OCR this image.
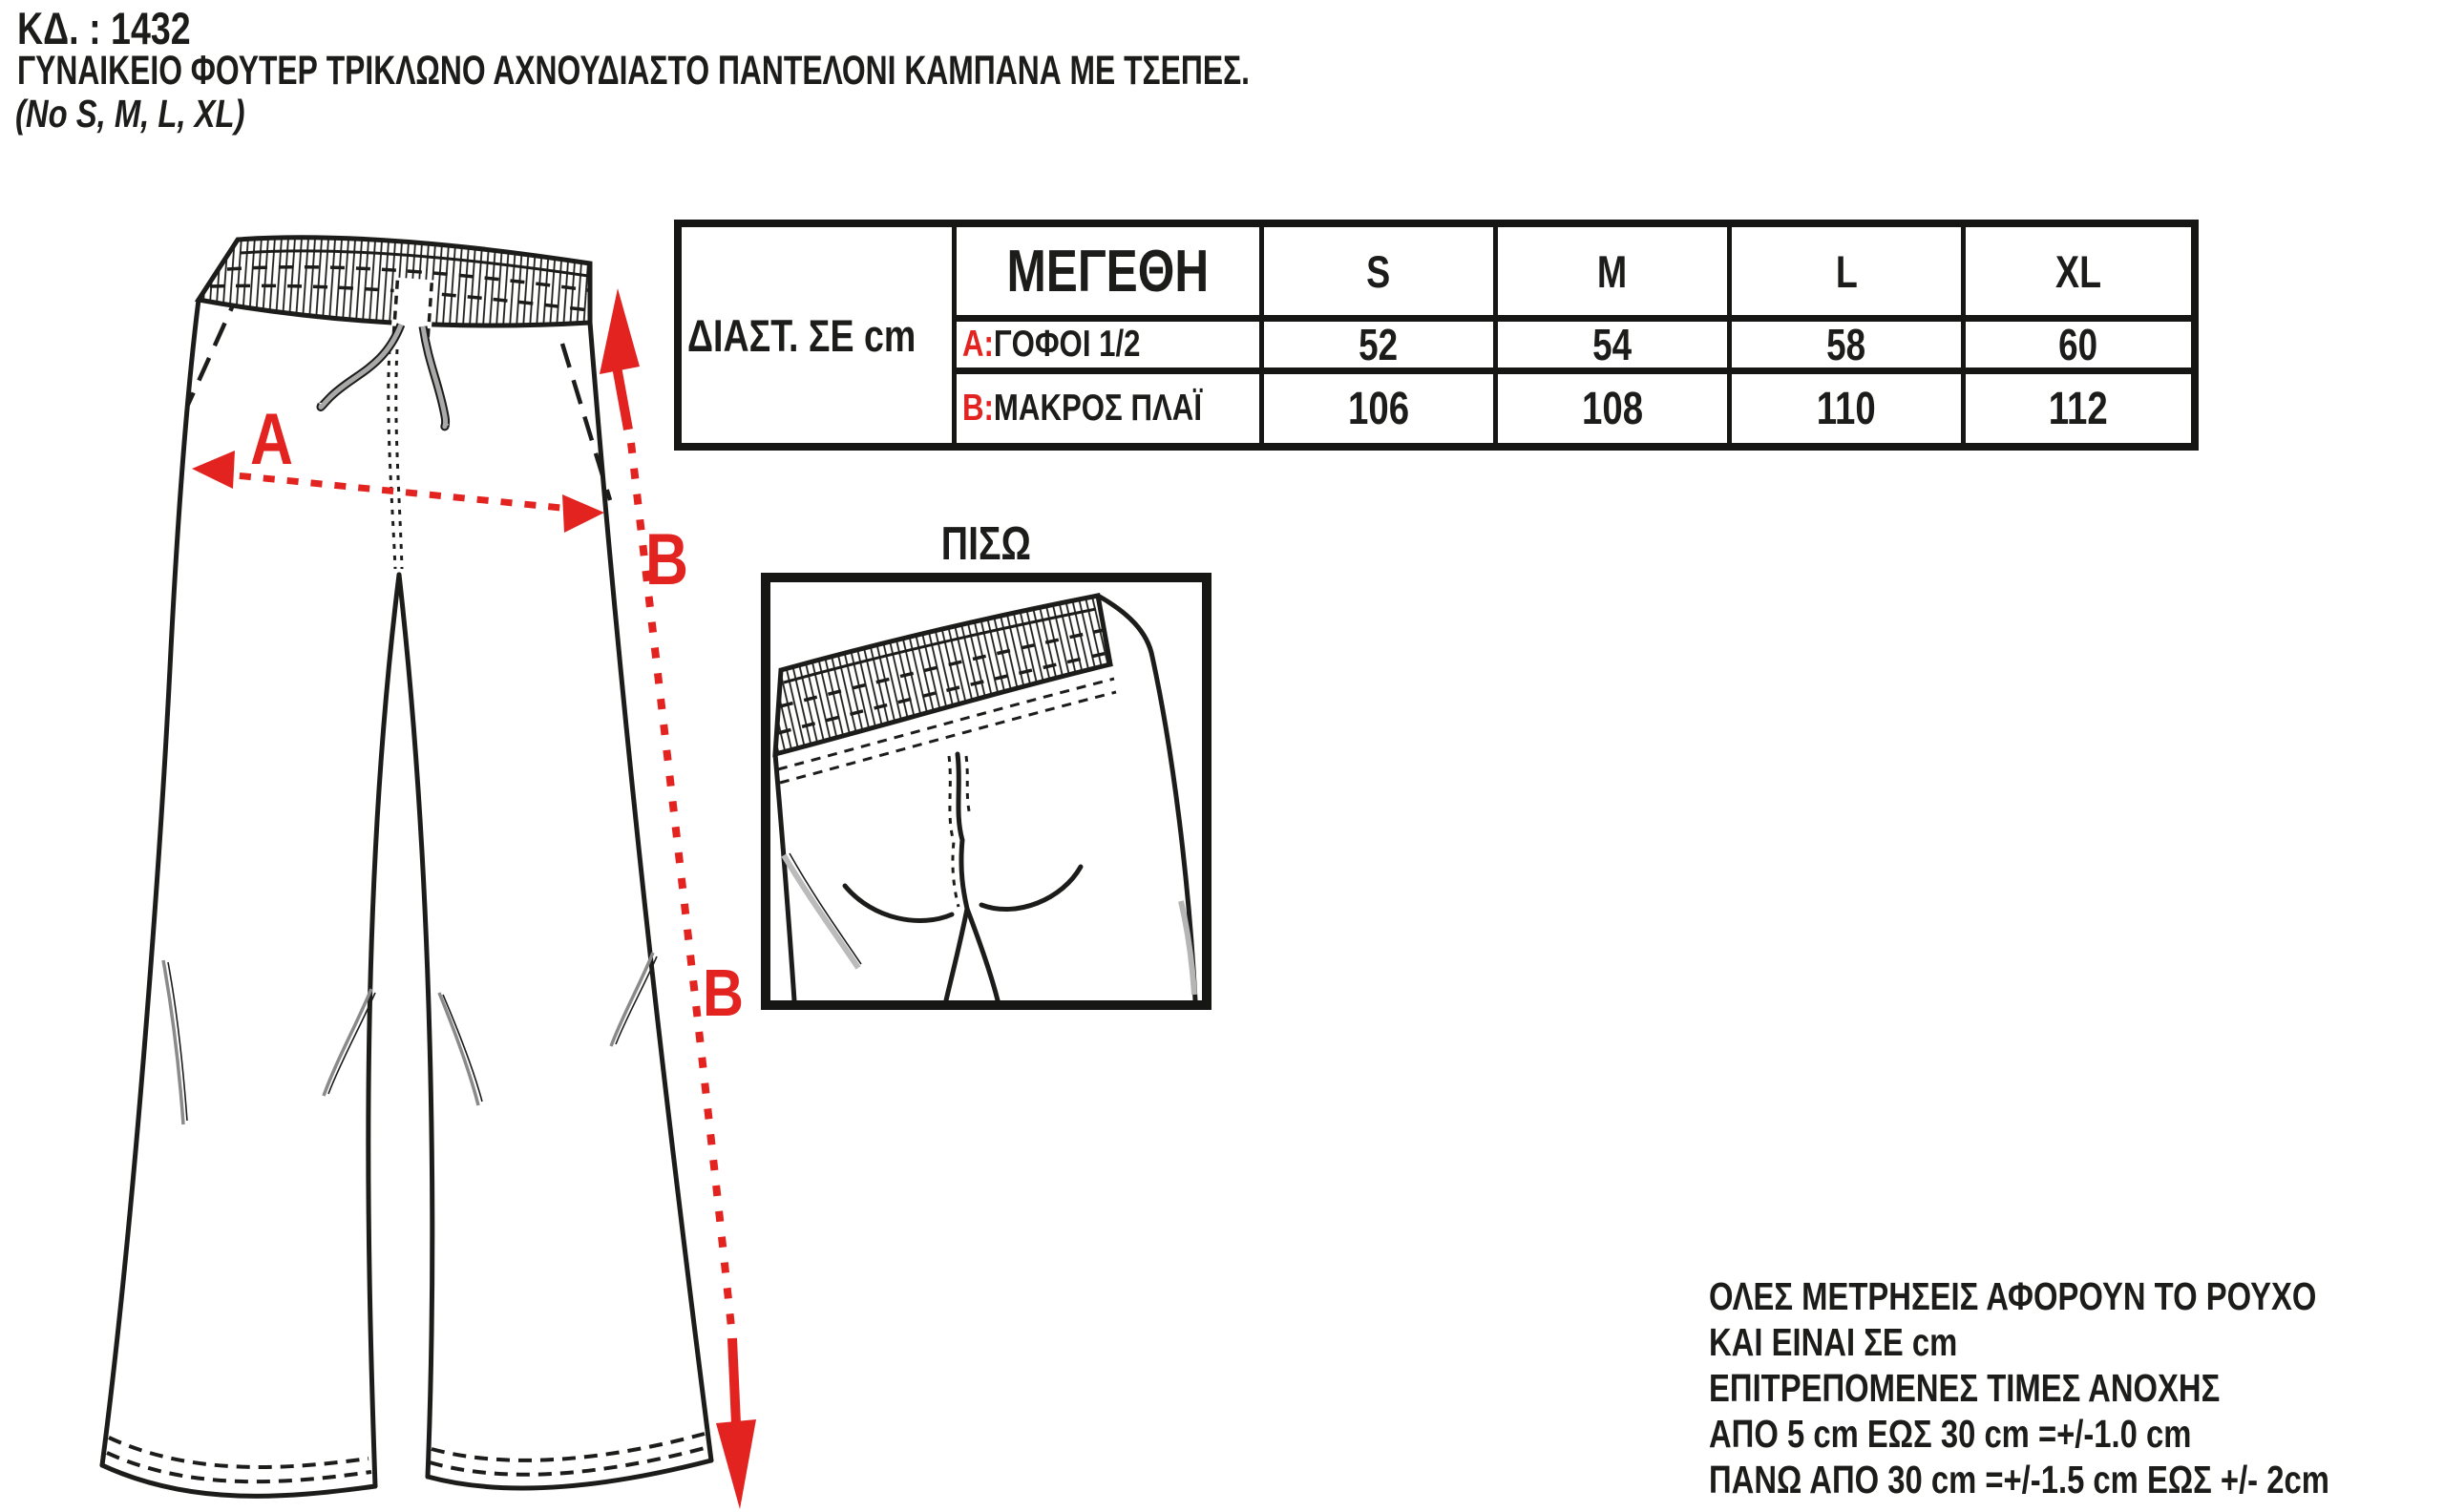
ΚΔ. : 1432
ΓΥΝΑΙΚΕΙΟ ΦΟΥΤΕΡ ΤΡΙΚΛΩΝΟ ΑΧΝΟΥΔΙΑΣΤΟ ΠΑΝΤΕΛΟΝΙ ΚΑΜΠΑΝΑ ΜΕ ΤΣΕΠΕΣ.
(No S, M, L, XL)
ΔΙΑΣΤ. ΣΕ cm
ΜΕΓΕΘΗ	S	M	L	XL
A:ΓΟΦΟΙ 1/2	52	54	58	60
B:ΜΑΚΡΟΣ ΠΛΑΪ	106	108	110	112
A
B	ΠΙΣΩ
B
ΟΛΕΣ ΜΕΤΡΗΣΕΙΣ ΑΦΟΡΟΥΝ ΤΟ ΡΟΥΧΟ
ΚΑΙ ΕΙΝΑΙ ΣΕ cm
ΕΠΙΤΡΕΠΟΜΕΝΕΣ ΤΙΜΕΣ ΑΝΟΧΗΣ
ΑΠΟ 5 cm ΕΩΣ 30 cm =+/-1.0 cm
ΠΑΝΩ ΑΠΟ 30 cm =+/-1.5 cm ΕΩΣ +/- 2cm
